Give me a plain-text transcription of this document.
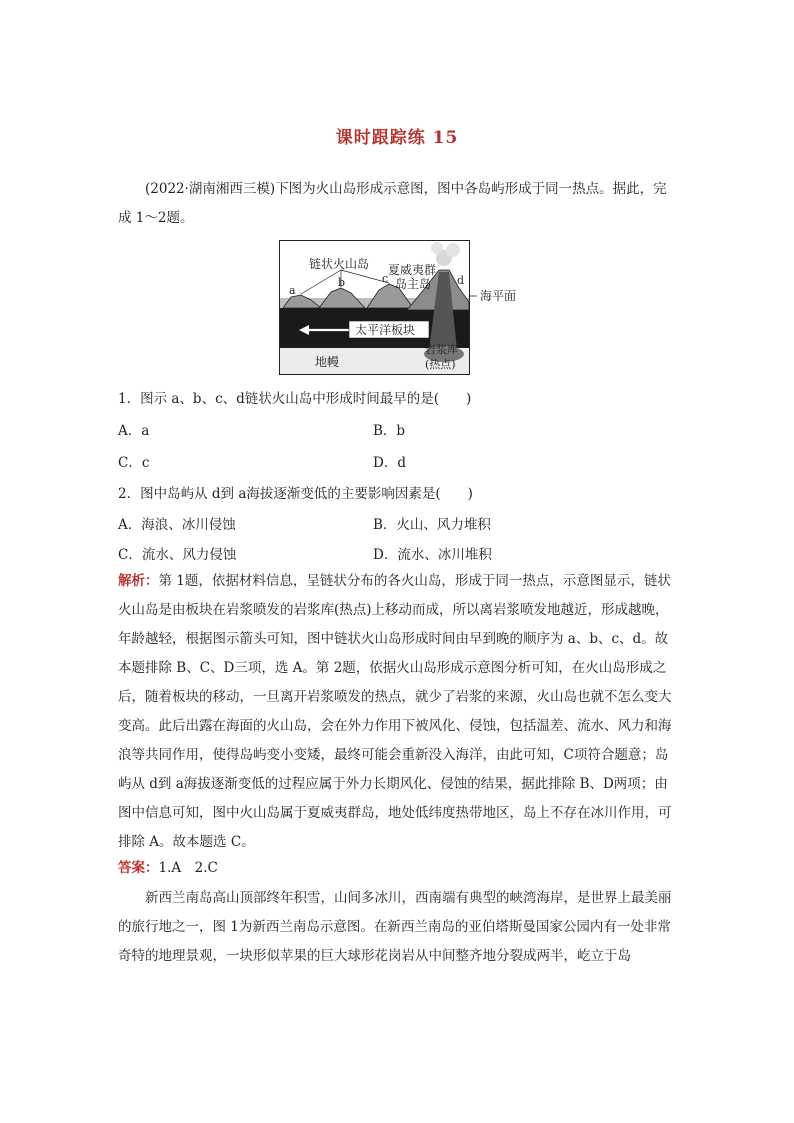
课时跟踪练 15

(2022·湖南湘西三模)下图为火山岛形成示意图，图中各岛屿形成于同一热点。据此，完成 1～2题。

链状火山岛 夏威夷群
岛主岛
海平面
太平洋板块
地幔
岩浆库
(热点)
a
b	c	d
1．图示 a、b、c、d链状火山岛中形成时间最早的是(　　)
A．a	B．b
C．c	D．d
2．图中岛屿从 d到 a海拔逐渐变低的主要影响因素是(　　)
A．海浪、冰川侵蚀	B．火山、风力堆积
C．流水、风力侵蚀	D．流水、冰川堆积

解析：第 1题，依据材料信息，呈链状分布的各火山岛，形成于同一热点，示意图显示，链状火山岛是由板块在岩浆喷发的岩浆库(热点)上移动而成，所以离岩浆喷发地越近，形成越晚，年龄越轻，根据图示箭头可知，图中链状火山岛形成时间由早到晚的顺序为 a、b、c、d。故本题排除 B、C、D三项，选 A。第 2题，依据火山岛形成示意图分析可知，在火山岛形成之后，随着板块的移动，一旦离开岩浆喷发的热点，就少了岩浆的来源，火山岛也就不怎么变大变高。此后出露在海面的火山岛，会在外力作用下被风化、侵蚀，包括温差、流水、风力和海浪等共同作用，使得岛屿变小变矮，最终可能会重新没入海洋，由此可知，C项符合题意；岛屿从 d到 a海拔逐渐变低的过程应属于外力长期风化、侵蚀的结果，据此排除 B、D两项；由图中信息可知，图中火山岛属于夏威夷群岛，地处低纬度热带地区，岛上不存在冰川作用，可排除 A。故本题选 C。

答案：1.A　2.C

新西兰南岛高山顶部终年积雪，山间多冰川，西南端有典型的峡湾海岸，是世界上最美丽的旅行地之一，图 1为新西兰南岛示意图。在新西兰南岛的亚伯塔斯曼国家公园内有一处非常奇特的地理景观，一块形似苹果的巨大球形花岗岩从中间整齐地分裂成两半，屹立于岛
